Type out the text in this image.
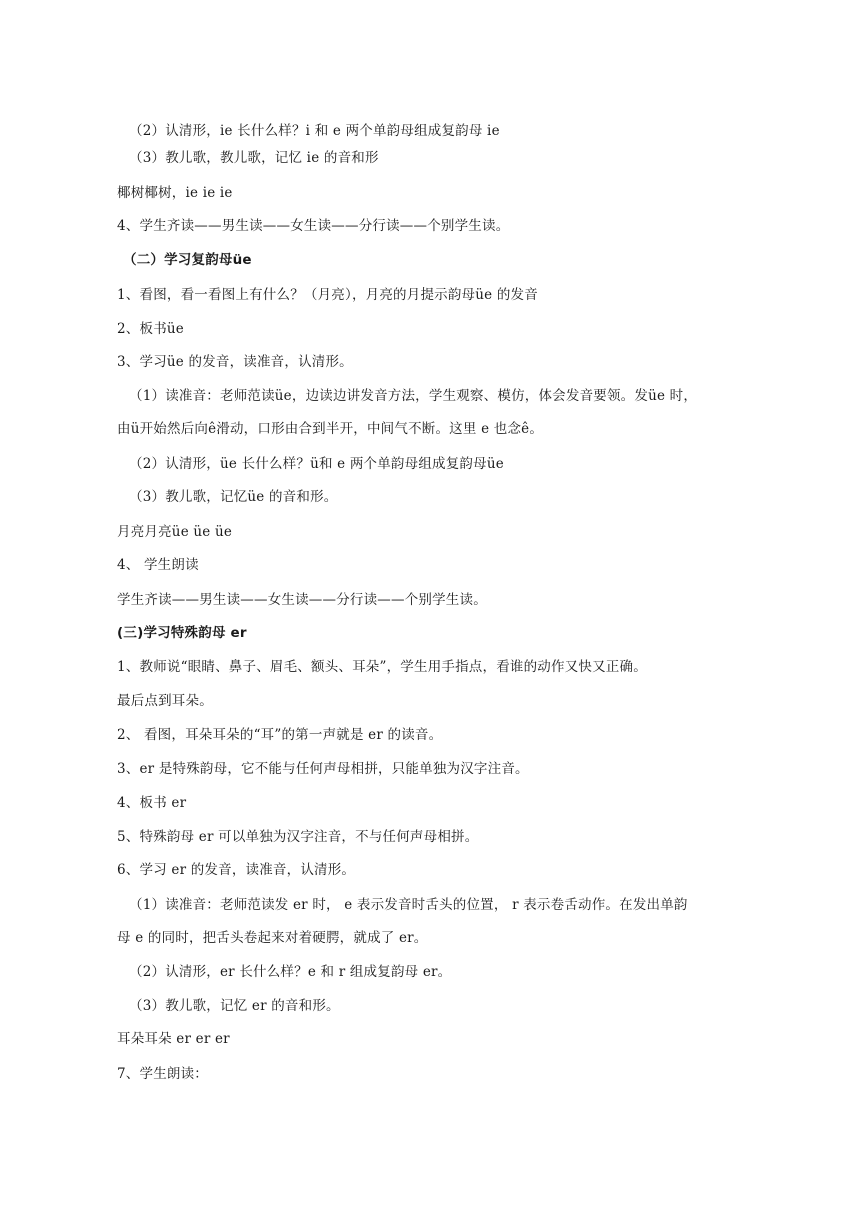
（2）认清形，ie 长什么样？i 和 e 两个单韵母组成复韵母 ie
（3）教儿歌，教儿歌，记忆 ie 的音和形
椰树椰树，ie ie ie
4、学生齐读——男生读——女生读——分行读——个别学生读。
（二）学习复韵母üe
1、看图，看一看图上有什么？（月亮），月亮的月提示韵母üe 的发音
2、板书üe
3、学习üe 的发音，读准音，认清形。
（1）读准音：老师范读üe，边读边讲发音方法，学生观察、模仿，体会发音要领。发üe 时，
由ü开始然后向ê滑动，口形由合到半开，中间气不断。这里 e 也念ê。
（2）认清形，üe 长什么样？ü和 e 两个单韵母组成复韵母üe
（3）教儿歌，记忆üe 的音和形。
月亮月亮üe üe üe
4、 学生朗读
学生齐读——男生读——女生读——分行读——个别学生读。
(三)学习特殊韵母 er
1、教师说“眼睛、鼻子、眉毛、额头、耳朵”，学生用手指点，看谁的动作又快又正确。
最后点到耳朵。
2、 看图，耳朵耳朵的“耳”的第一声就是 er 的读音。
3、er 是特殊韵母，它不能与任何声母相拼，只能单独为汉字注音。
4、板书 er
5、特殊韵母 er 可以单独为汉字注音，不与任何声母相拼。
6、学习 er 的发音，读准音，认清形。
（1）读准音：老师范读发 er 时， e 表示发音时舌头的位置， r 表示卷舌动作。在发出单韵
母 e 的同时，把舌头卷起来对着硬腭，就成了 er。
（2）认清形，er 长什么样？e 和 r 组成复韵母 er。
（3）教儿歌，记忆 er 的音和形。
耳朵耳朵 er er er
7、学生朗读：
